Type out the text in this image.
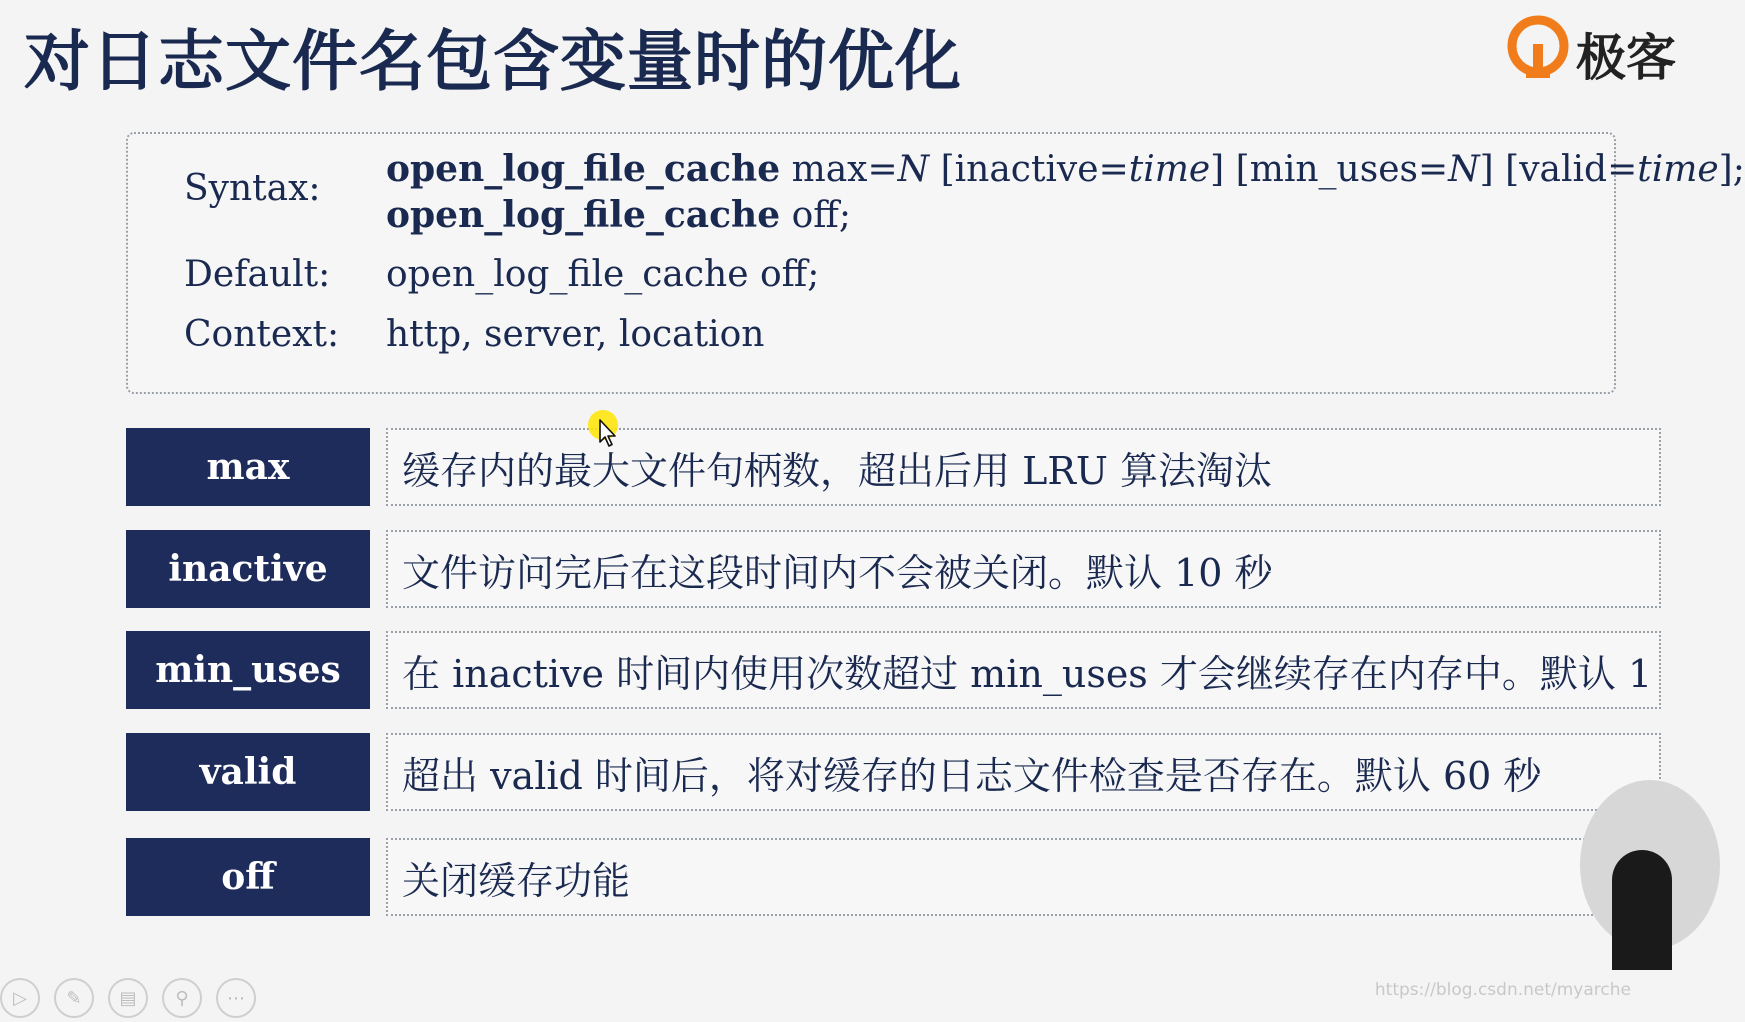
对日志文件名包含变量时的优化	极客
Syntax: open_log_file_cache max=N [inactive=time] [min_uses=N] [valid=time];
open_log_file_cache off;
Default: open_log_file_cache off;
Context: http, server, location
max	缓存内的最大文件句柄数，超出后用 LRU 算法淘汰
inactive	文件访问完后在这段时间内不会被关闭。默认 10 秒
min_uses	在 inactive 时间内使用次数超过 min_uses 才会继续存在内存中。默认 1
valid	超出 valid 时间后，将对缓存的日志文件检查是否存在。默认 60 秒
off	关闭缓存功能
▷	✎	▤	⚲	⋯	https://blog.csdn.net/myarche
